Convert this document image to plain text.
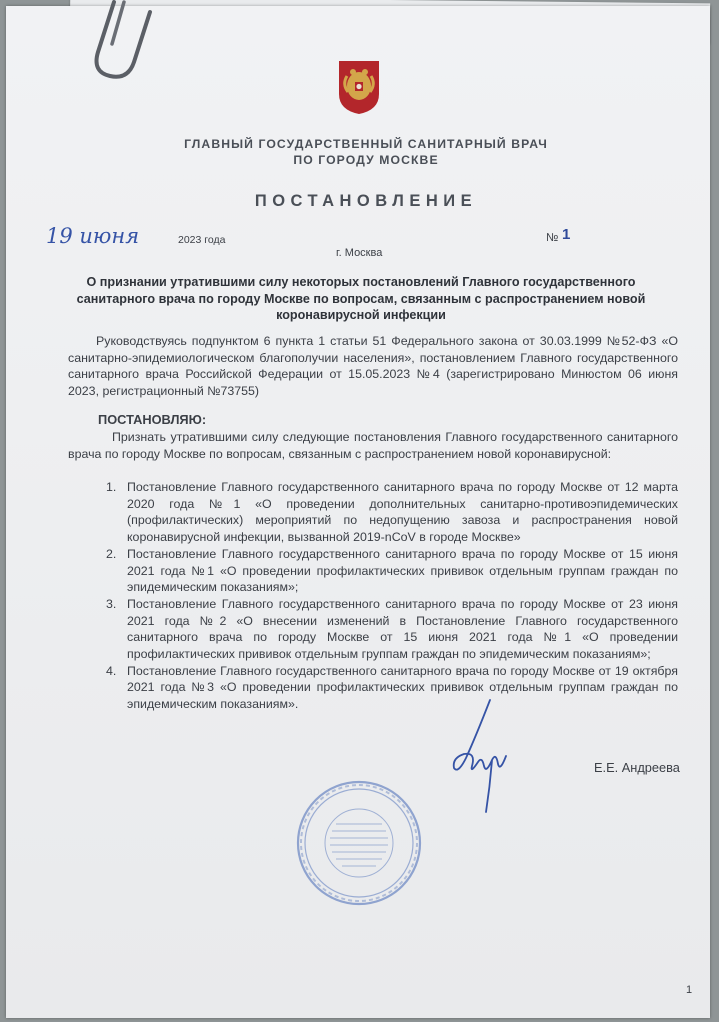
ГЛАВНЫЙ ГОСУДАРСТВЕННЫЙ САНИТАРНЫЙ ВРАЧ
ПО ГОРОДУ МОСКВЕ
ПОСТАНОВЛЕНИЕ
19 июня	2023 года	№ 1
г. Москва
О признании утратившими силу некоторых постановлений Главного государственного санитарного врача по городу Москве по вопросам, связанным с распространением новой коронавирусной инфекции
Руководствуясь подпунктом 6 пункта 1 статьи 51 Федерального закона от 30.03.1999 №52-ФЗ «О санитарно-эпидемиологическом благополучии населения», постановлением Главного государственного санитарного врача Российской Федерации от 15.05.2023 №4 (зарегистрировано Минюстом 06 июня 2023, регистрационный №73755)
ПОСТАНОВЛЯЮ:
Признать утратившими силу следующие постановления Главного государственного санитарного врача по городу Москве по вопросам, связанным с распространением новой коронавирусной:
1. Постановление Главного государственного санитарного врача по городу Москве от 12 марта 2020 года №1 «О проведении дополнительных санитарно-противоэпидемических (профилактических) мероприятий по недопущению завоза и распространения новой коронавирусной инфекции, вызванной 2019-nCoV в городе Москве»
2. Постановление Главного государственного санитарного врача по городу Москве от 15 июня 2021 года №1 «О проведении профилактических прививок отдельным группам граждан по эпидемическим показаниям»;
3. Постановление Главного государственного санитарного врача по городу Москве от 23 июня 2021 года №2 «О внесении изменений в Постановление Главного государственного санитарного врача по городу Москве от 15 июня 2021 года №1 «О проведении профилактических прививок отдельным группам граждан по эпидемическим показаниям»;
4. Постановление Главного государственного санитарного врача по городу Москве от 19 октября 2021 года №3 «О проведении профилактических прививок отдельным группам граждан по эпидемическим показаниям».
Е.Е. Андреева
1
